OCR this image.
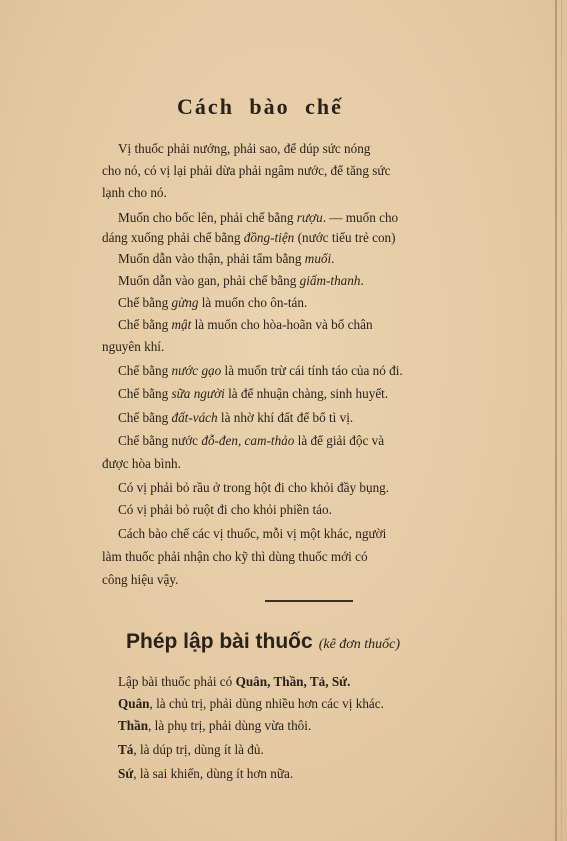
Cách bào chế
Vị thuốc phải nướng, phải sao, để dúp sức nóng
cho nó, có vị lại phải dừa phải ngâm nước, để tăng sức
lạnh cho nó.
Muốn cho bốc lên, phải chế bằng rượu. — muốn cho
dáng xuống phải chế bằng đồng-tiện (nước tiểu trẻ con)
Muốn dẫn vào thận, phải tẩm bằng muối.
Muốn dẫn vào gan, phải chế bằng giấm-thanh.
Chế bằng gừng là muốn cho ôn-tán.
Chế bằng mật là muốn cho hòa-hoãn và bổ chân
nguyên khí.
Chế bằng nước gạo là muốn trừ cái tính táo của nó đi.
Chế bằng sữa người là để nhuận chàng, sinh huyết.
Chế bằng đất-vách là nhờ khí đất để bổ tì vị.
Chế bằng nước đỗ-đen, cam-thảo là để giải độc và
được hòa bình.
Có vị phải bỏ rầu ở trong hột đi cho khỏi đầy bụng.
Có vị phải bỏ ruột đi cho khỏi phiền táo.
Cách bào chế các vị thuốc, mỗi vị một khác, người
làm thuốc phải nhận cho kỹ thì dùng thuốc mới có
công hiệu vậy.
Phép lập bài thuốc (kê đơn thuốc)
Lập bài thuốc phải có Quân, Thần, Tả, Sứ.
Quân, là chủ trị, phải dùng nhiều hơn các vị khác.
Thần, là phụ trị, phải dùng vừa thôi.
Tá, là dúp trị, dùng ít là đủ.
Sứ, là sai khiến, dùng ít hơn nữa.
